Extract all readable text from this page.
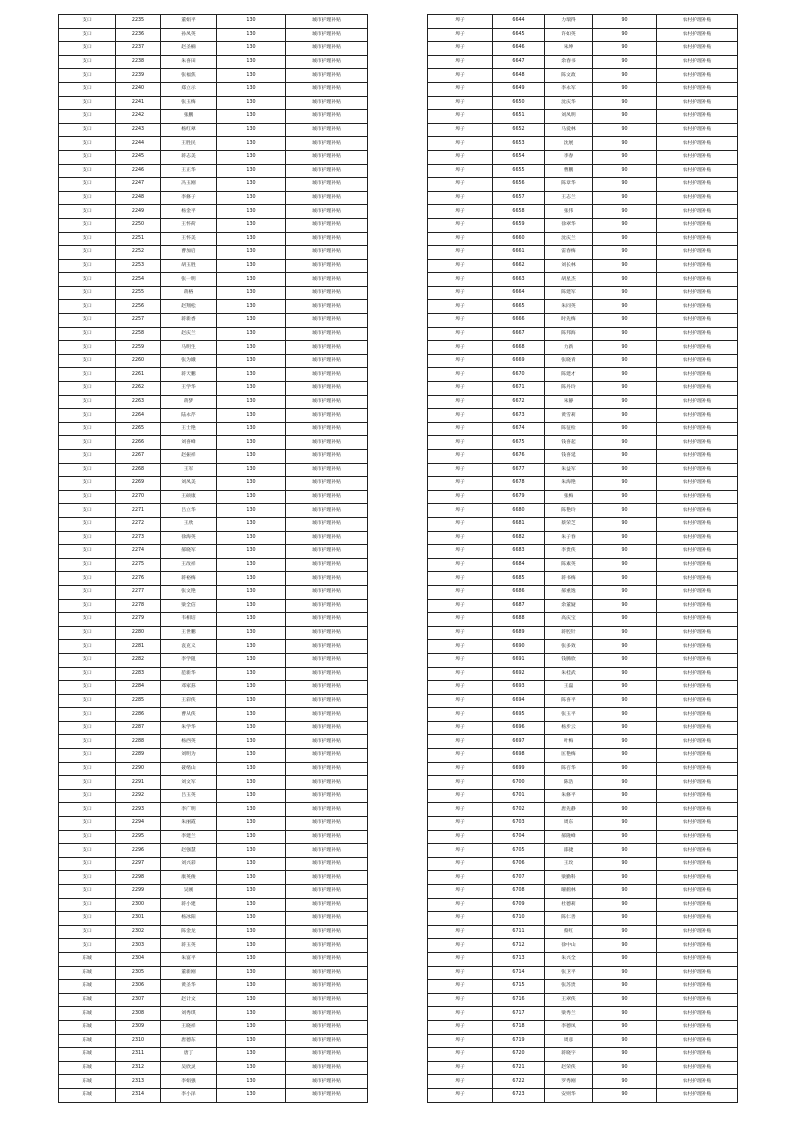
支口	2235	董娟平	130	城市护理补贴
支口	2236	孙凤英	130	城市护理补贴
支口	2237	赵圣楠	130	城市护理补贴
支口	2238	朱喜田	130	城市护理补贴
支口	2239	张福焦	130	城市护理补贴
支口	2240	郑立示	130	城市护理补贴
支口	2241	张玉梅	130	城市护理补贴
支口	2242	张鹏	130	城市护理补贴
支口	2243	杨红翠	130	城市护理补贴
支口	2244	王胜民	130	城市护理补贴
支口	2245	蒋志美	130	城市护理补贴
支口	2246	王正华	130	城市护理补贴
支口	2247	冯玉刚	130	城市护理补贴
支口	2248	李修子	130	城市护理补贴
支口	2249	杨金平	130	城市护理补贴
支口	2250	王怀荷	130	城市护理补贴
支口	2251	王怀美	130	城市护理补贴
支口	2252	曹加启	130	城市护理补贴
支口	2253	胡玉胜	130	城市护理补贴
支口	2254	张一明	130	城市护理补贴
支口	2255	蒋格	130	城市护理补贴
支口	2256	赵翔松	130	城市护理补贴
支口	2257	蒋新香	130	城市护理补贴
支口	2258	赵庆兰	130	城市护理补贴
支口	2259	马明生	130	城市护理补贴
支口	2260	张为娥	130	城市护理补贴
支口	2261	蒋天鹏	130	城市护理补贴
支口	2262	王学华	130	城市护理补贴
支口	2263	蒋梦	130	城市护理补贴
支口	2264	陆永芹	130	城市护理补贴
支口	2265	王士艳	130	城市护理补贴
支口	2266	刘喜峰	130	城市护理补贴
支口	2267	赵振祥	130	城市护理补贴
支口	2268	王军	130	城市护理补贴
支口	2269	刘凤美	130	城市护理补贴
支口	2270	王硕康	130	城市护理补贴
支口	2271	吕立华	130	城市护理补贴
支口	2272	王欣	130	城市护理补贴
支口	2273	徐海英	130	城市护理补贴
支口	2274	郝晓军	130	城市护理补贴
支口	2275	王改祥	130	城市护理补贴
支口	2276	蒋裕梅	130	城市护理补贴
支口	2277	张文艳	130	城市护理补贴
支口	2278	梁全信	130	城市护理补贴
支口	2279	韦相培	130	城市护理补贴
支口	2280	王世鹏	130	城市护理补贴
支口	2281	袁克义	130	城市护理补贴
支口	2282	李学阻	130	城市护理补贴
支口	2283	范新华	130	城市护理补贴
支口	2284	邓家荪	130	城市护理补贴
支口	2285	王彩侠	130	城市护理补贴
支口	2286	曹从侠	130	城市护理补贴
支口	2287	朱学华	130	城市护理补贴
支口	2288	杨西英	130	城市护理补贴
支口	2289	刘明为	130	城市护理补贴
支口	2290	聂绪山	130	城市护理补贴
支口	2291	刘文军	130	城市护理补贴
支口	2292	吕玉英	130	城市护理补贴
支口	2293	李广明	130	城市护理补贴
支口	2294	朱丽霞	130	城市护理补贴
支口	2295	李建兰	130	城市护理补贴
支口	2296	赵强慧	130	城市护理补贴
支口	2297	刘兴彩	130	城市护理补贴
支口	2298	康英俊	130	城市护理补贴
支口	2299	吴刚	130	城市护理补贴
支口	2300	蒋小建	130	城市护理补贴
支口	2301	杨冰阳	130	城市护理补贴
支口	2302	陈金龙	130	城市护理补贴
支口	2303	蒋玉英	130	城市护理补贴
东城	2304	朱富平	130	城市护理补贴
东城	2305	董新刚	130	城市护理补贴
东城	2306	黄圣华	130	城市护理补贴
东城	2307	赵计文	130	城市护理补贴
东城	2308	刘秀琪	130	城市护理补贴
东城	2309	王晓祥	130	城市护理补贴
东城	2310	唐德东	130	城市护理补贴
东城	2311	唐丁	130	城市护理补贴
东城	2312	吴欣灵	130	城市护理补贴
东城	2313	李娟强	130	城市护理补贴
东城	2314	李小泽	130	城市护理补贴
埠子	6644	力瑞得	90	农村护理补贴
埠子	6645	许如英	90	农村护理补贴
埠子	6646	朱坤	90	农村护理补贴
埠子	6647	余春书	90	农村护理补贴
埠子	6648	陈文政	90	农村护理补贴
埠子	6649	李永军	90	农村护理补贴
埠子	6650	沈庆华	90	农村护理补贴
埠子	6651	刘凤明	90	农村护理补贴
埠子	6652	马爱林	90	农村护理补贴
埠子	6653	沈展	90	农村护理补贴
埠子	6654	李春	90	农村护理补贴
埠子	6655	曹鹏	90	农村护理补贴
埠子	6656	陈章华	90	农村护理补贴
埠子	6657	王志兰	90	农村护理补贴
埠子	6658	张伟	90	农村护理补贴
埠子	6659	徐翠华	90	农村护理补贴
埠子	6660	沈庆兰	90	农村护理补贴
埠子	6661	雷春梅	90	农村护理补贴
埠子	6662	刘长林	90	农村护理补贴
埠子	6663	胡星杰	90	农村护理补贴
埠子	6664	陈建军	90	农村护理补贴
埠子	6665	朱同英	90	农村护理补贴
埠子	6666	时先梅	90	农村护理补贴
埠子	6667	陈邦海	90	农村护理补贴
埠子	6668	力新	90	农村护理补贴
埠子	6669	张晓青	90	农村护理补贴
埠子	6670	陈建才	90	农村护理补贴
埠子	6671	陈丹玲	90	农村护理补贴
埠子	6672	朱静	90	农村护理补贴
埠子	6673	黄雪莉	90	农村护理补贴
埠子	6674	陈征检	90	农村护理补贴
埠子	6675	钱喜起	90	农村护理补贴
埠子	6676	钱喜延	90	农村护理补贴
埠子	6677	朱益军	90	农村护理补贴
埠子	6678	朱海艳	90	农村护理补贴
埠子	6679	张梅	90	农村护理补贴
埠子	6680	陈艳玲	90	农村护理补贴
埠子	6681	蔡荣芝	90	农村护理补贴
埠子	6682	朱子春	90	农村护理补贴
埠子	6683	李贵侠	90	农村护理补贴
埠子	6684	陈素英	90	农村护理补贴
埠子	6685	蒋书梅	90	农村护理补贴
埠子	6686	郝重逸	90	农村护理补贴
埠子	6687	余董疑	90	农村护理补贴
埠子	6688	高庆宝	90	农村护理补贴
埠子	6689	蒋腔针	90	农村护理补贴
埠子	6690	张多效	90	农村护理补贴
埠子	6691	钱腾欣	90	农村护理补贴
埠子	6692	朱桂武	90	农村护理补贴
埠子	6693	王磊	90	农村护理补贴
埠子	6694	陈喜平	90	农村护理补贴
埠子	6695	张玉平	90	农村护理补贴
埠子	6696	杨步云	90	农村护理补贴
埠子	6697	叶梅	90	农村护理补贴
埠子	6698	匡艳梅	90	农村护理补贴
埠子	6699	陈召华	90	农村护理补贴
埠子	6700	陈浩	90	农村护理补贴
埠子	6701	朱修平	90	农村护理补贴
埠子	6702	唐先静	90	农村护理补贴
埠子	6703	周东	90	农村护理补贴
埠子	6704	郝隆峰	90	农村护理补贴
埠子	6705	邵捷	90	农村护理补贴
埠子	6706	王玫	90	农村护理补贴
埠子	6707	梁勤科	90	农村护理补贴
埠子	6708	曜鹤林	90	农村护理补贴
埠子	6709	杜德莉	90	农村护理补贴
埠子	6710	陈仁善	90	农村护理补贴
埠子	6711	蔡红	90	农村护理补贴
埠子	6712	徐中山	90	农村护理补贴
埠子	6713	朱兴全	90	农村护理补贴
埠子	6714	张卫平	90	农村护理补贴
埠子	6715	张苏贵	90	农村护理补贴
埠子	6716	王翠侠	90	农村护理补贴
埠子	6717	梁秀兰	90	农村护理补贴
埠子	6718	李德凤	90	农村护理补贴
埠子	6719	周彦	90	农村护理补贴
埠子	6720	蒋晓字	90	农村护理补贴
埠子	6721	赵荣侠	90	农村护理补贴
埠子	6722	罗秀刚	90	农村护理补贴
埠子	6723	安则华	90	农村护理补贴
